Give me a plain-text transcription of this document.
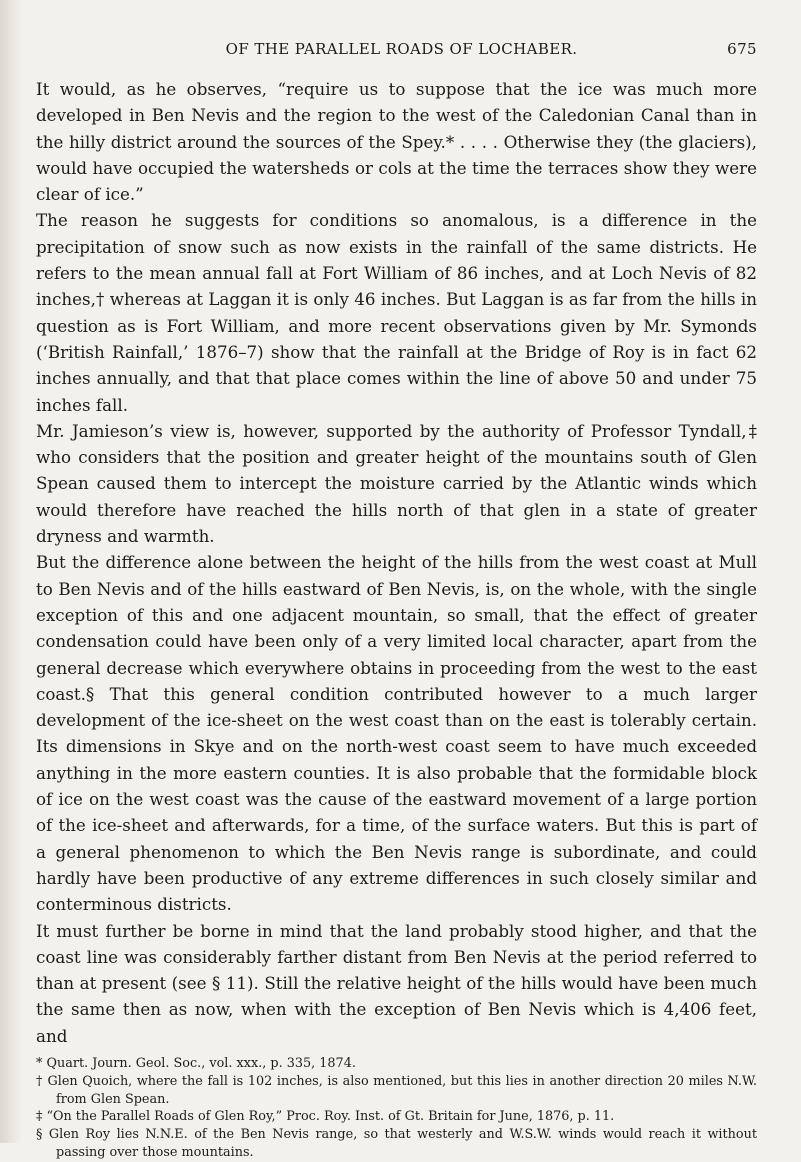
OF THE PARALLEL ROADS OF LOCHABER.	675

It would, as he observes, “require us to suppose that the ice was much more developed in Ben Nevis and the region to the west of the Caledonian Canal than in the hilly district around the sources of the Spey.* . . . . Otherwise they (the glaciers), would have occupied the watersheds or cols at the time the terraces show they were clear of ice.”

The reason he suggests for conditions so anomalous, is a difference in the precipitation of snow such as now exists in the rainfall of the same districts. He refers to the mean annual fall at Fort William of 86 inches, and at Loch Nevis of 82 inches,† whereas at Laggan it is only 46 inches. But Laggan is as far from the hills in question as is Fort William, and more recent observations given by Mr. Symonds (‘British Rainfall,’ 1876–7) show that the rainfall at the Bridge of Roy is in fact 62 inches annually, and that that place comes within the line of above 50 and under 75 inches fall.

Mr. Jamieson’s view is, however, supported by the authority of Professor Tyndall,‡ who considers that the position and greater height of the mountains south of Glen Spean caused them to intercept the moisture carried by the Atlantic winds which would therefore have reached the hills north of that glen in a state of greater dryness and warmth.

But the difference alone between the height of the hills from the west coast at Mull to Ben Nevis and of the hills eastward of Ben Nevis, is, on the whole, with the single exception of this and one adjacent mountain, so small, that the effect of greater condensation could have been only of a very limited local character, apart from the general decrease which everywhere obtains in proceeding from the west to the east coast.§ That this general condition contributed however to a much larger development of the ice-sheet on the west coast than on the east is tolerably certain. Its dimensions in Skye and on the north-west coast seem to have much exceeded anything in the more eastern counties. It is also probable that the formidable block of ice on the west coast was the cause of the eastward movement of a large portion of the ice-sheet and afterwards, for a time, of the surface waters. But this is part of a general phenomenon to which the Ben Nevis range is subordinate, and could hardly have been productive of any extreme differences in such closely similar and conterminous districts.

It must further be borne in mind that the land probably stood higher, and that the coast line was considerably farther distant from Ben Nevis at the period referred to than at present (see § 11). Still the relative height of the hills would have been much the same then as now, when with the exception of Ben Nevis which is 4,406 feet, and

* Quart. Journ. Geol. Soc., vol. xxx., p. 335, 1874.
† Glen Quoich, where the fall is 102 inches, is also mentioned, but this lies in another direction 20 miles N.W. from Glen Spean.
‡ “On the Parallel Roads of Glen Roy,” Proc. Roy. Inst. of Gt. Britain for June, 1876, p. 11.
§ Glen Roy lies N.N.E. of the Ben Nevis range, so that westerly and W.S.W. winds would reach it without passing over those mountains.
